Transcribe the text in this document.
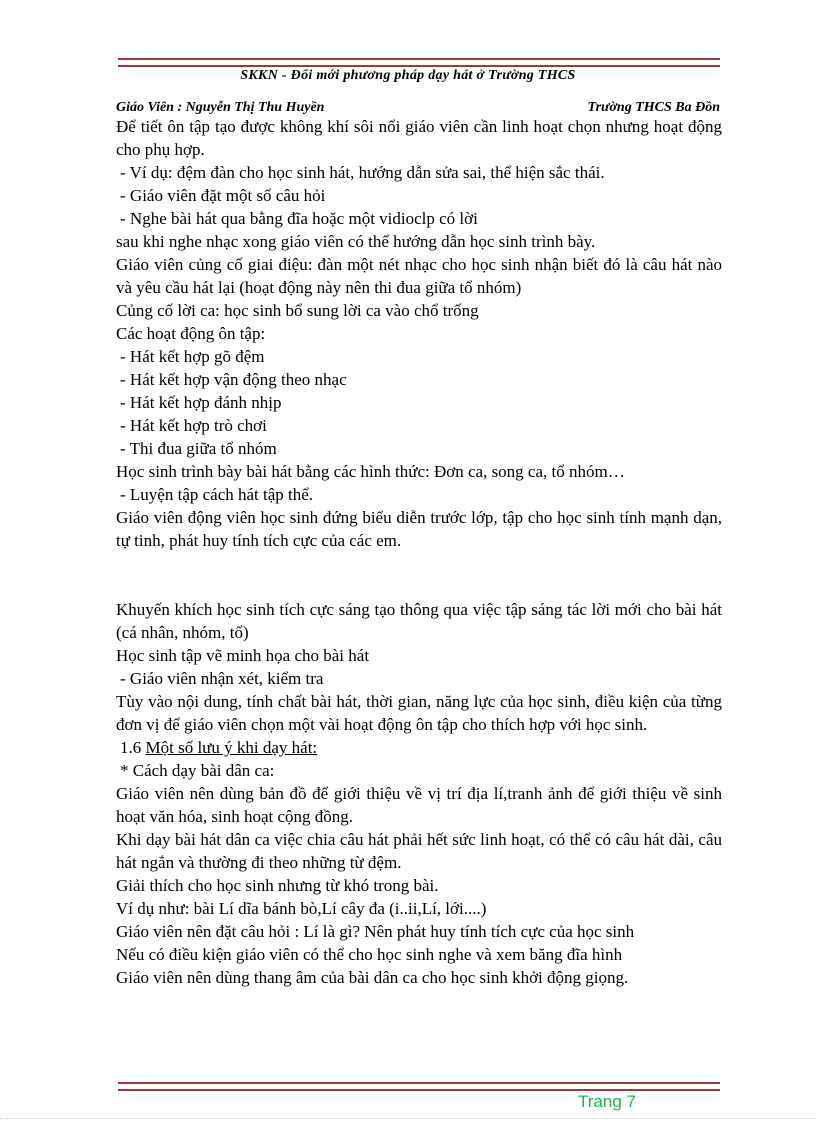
SKKN - Đổi mới phương pháp dạy hát ở Trường THCS
Giáo Viên : Nguyễn Thị Thu Huyền	Trường THCS Ba Đồn

Để tiết ôn tập tạo được không khí sôi nổi giáo viên cần linh hoạt chọn nhưng hoạt động cho phụ hợp.

- Ví dụ: đệm đàn cho học sinh hát, hướng dẫn sửa sai, thể hiện sắc thái.

- Giáo viên đặt một số câu hỏi

- Nghe bài hát qua bằng đĩa hoặc một vidioclp có lời

sau khi nghe nhạc xong giáo viên có thể hướng dẫn học sinh trình bày.

Giáo viên củng cố giai điệu: đàn một nét nhạc cho học sinh nhận biết đó là câu hát nào và yêu cầu hát lại (hoạt động này nên thi đua giữa tổ nhóm)

Củng cố lời ca: học sinh bổ sung lời ca vào chổ trống

Các hoạt động ôn tập:

- Hát kết hợp gõ đệm

- Hát kết hợp vận động theo nhạc

- Hát kết hợp đánh nhịp

- Hát kết hợp trò chơi

- Thi đua giữa tổ nhóm

Học sinh trình bày bài hát bằng các hình thức: Đơn ca, song ca, tổ nhóm…

- Luyện tập cách hát tập thể.

Giáo viên động viên học sinh đứng biểu diễn trước lớp, tập cho học sinh tính mạnh dạn, tự tinh, phát huy tính tích cực của các em.

Khuyến khích học sinh tích cực sáng tạo thông qua việc tập sáng tác lời mới cho bài hát (cá nhân, nhóm, tổ)

Học sinh tập vẽ minh họa cho bài hát

- Giáo viên nhận xét, kiểm tra

Tùy vào nội dung, tính chất bài hát, thời gian, năng lực của học sinh, điều kiện của từng đơn vị để giáo viên chọn một vài hoạt động ôn tập cho thích hợp với học sinh.

1.6 Một số lưu ý khi dạy hát:

* Cách dạy bài dân ca:

Giáo viên nên dùng bản đồ để giới thiệu về vị trí địa lí,tranh ảnh để giới thiệu về sinh hoạt văn hóa, sinh hoạt cộng đồng.

Khi dạy bài hát dân ca việc chia câu hát phải hết sức linh hoạt, có thể có câu hát dài, câu hát ngắn và thường đi theo những từ đệm.

Giải thích cho học sinh nhưng từ khó trong bài.

Ví dụ như: bài Lí dĩa bánh bò,Lí cây đa (i..ii,Lí, lới....)

Giáo viên nên đặt câu hỏi : Lí là gì? Nên phát huy tính tích cực của học sinh

Nếu có điều kiện giáo viên có thể cho học sinh nghe và xem băng đĩa hình

Giáo viên nên dùng thang âm của bài dân ca cho học sinh khởi động giọng.

Trang 7
